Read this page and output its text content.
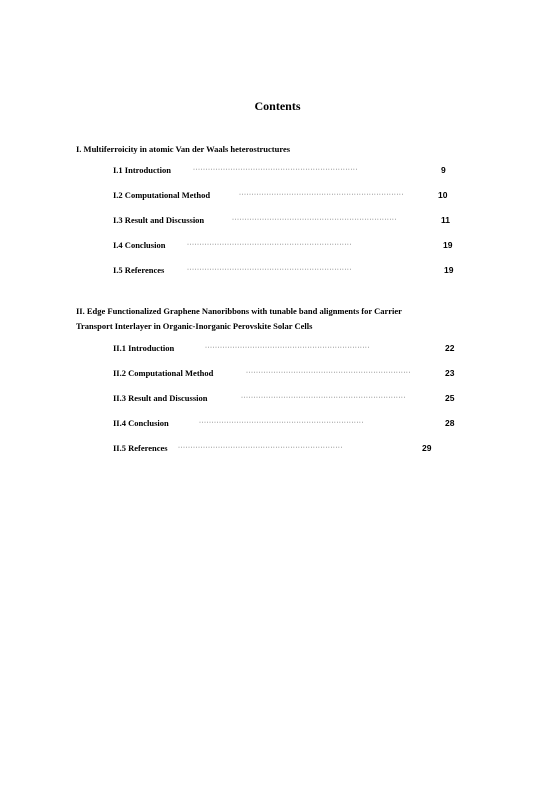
Contents
I. Multiferroicity in atomic Van der Waals heterostructures
I.1 Introduction	··································································	9
I.2 Computational Method	··································································	10
I.3 Result and Discussion	··································································	11
I.4 Conclusion	··································································	19
I.5 References	··································································	19
II. Edge Functionalized Graphene Nanoribbons with tunable band alignments for Carrier
Transport Interlayer in Organic-Inorganic Perovskite Solar Cells
II.1 Introduction	··································································	22
II.2 Computational Method	··································································	23
II.3 Result and Discussion	··································································	25
II.4 Conclusion	··································································	28
II.5 References ··································································	29
